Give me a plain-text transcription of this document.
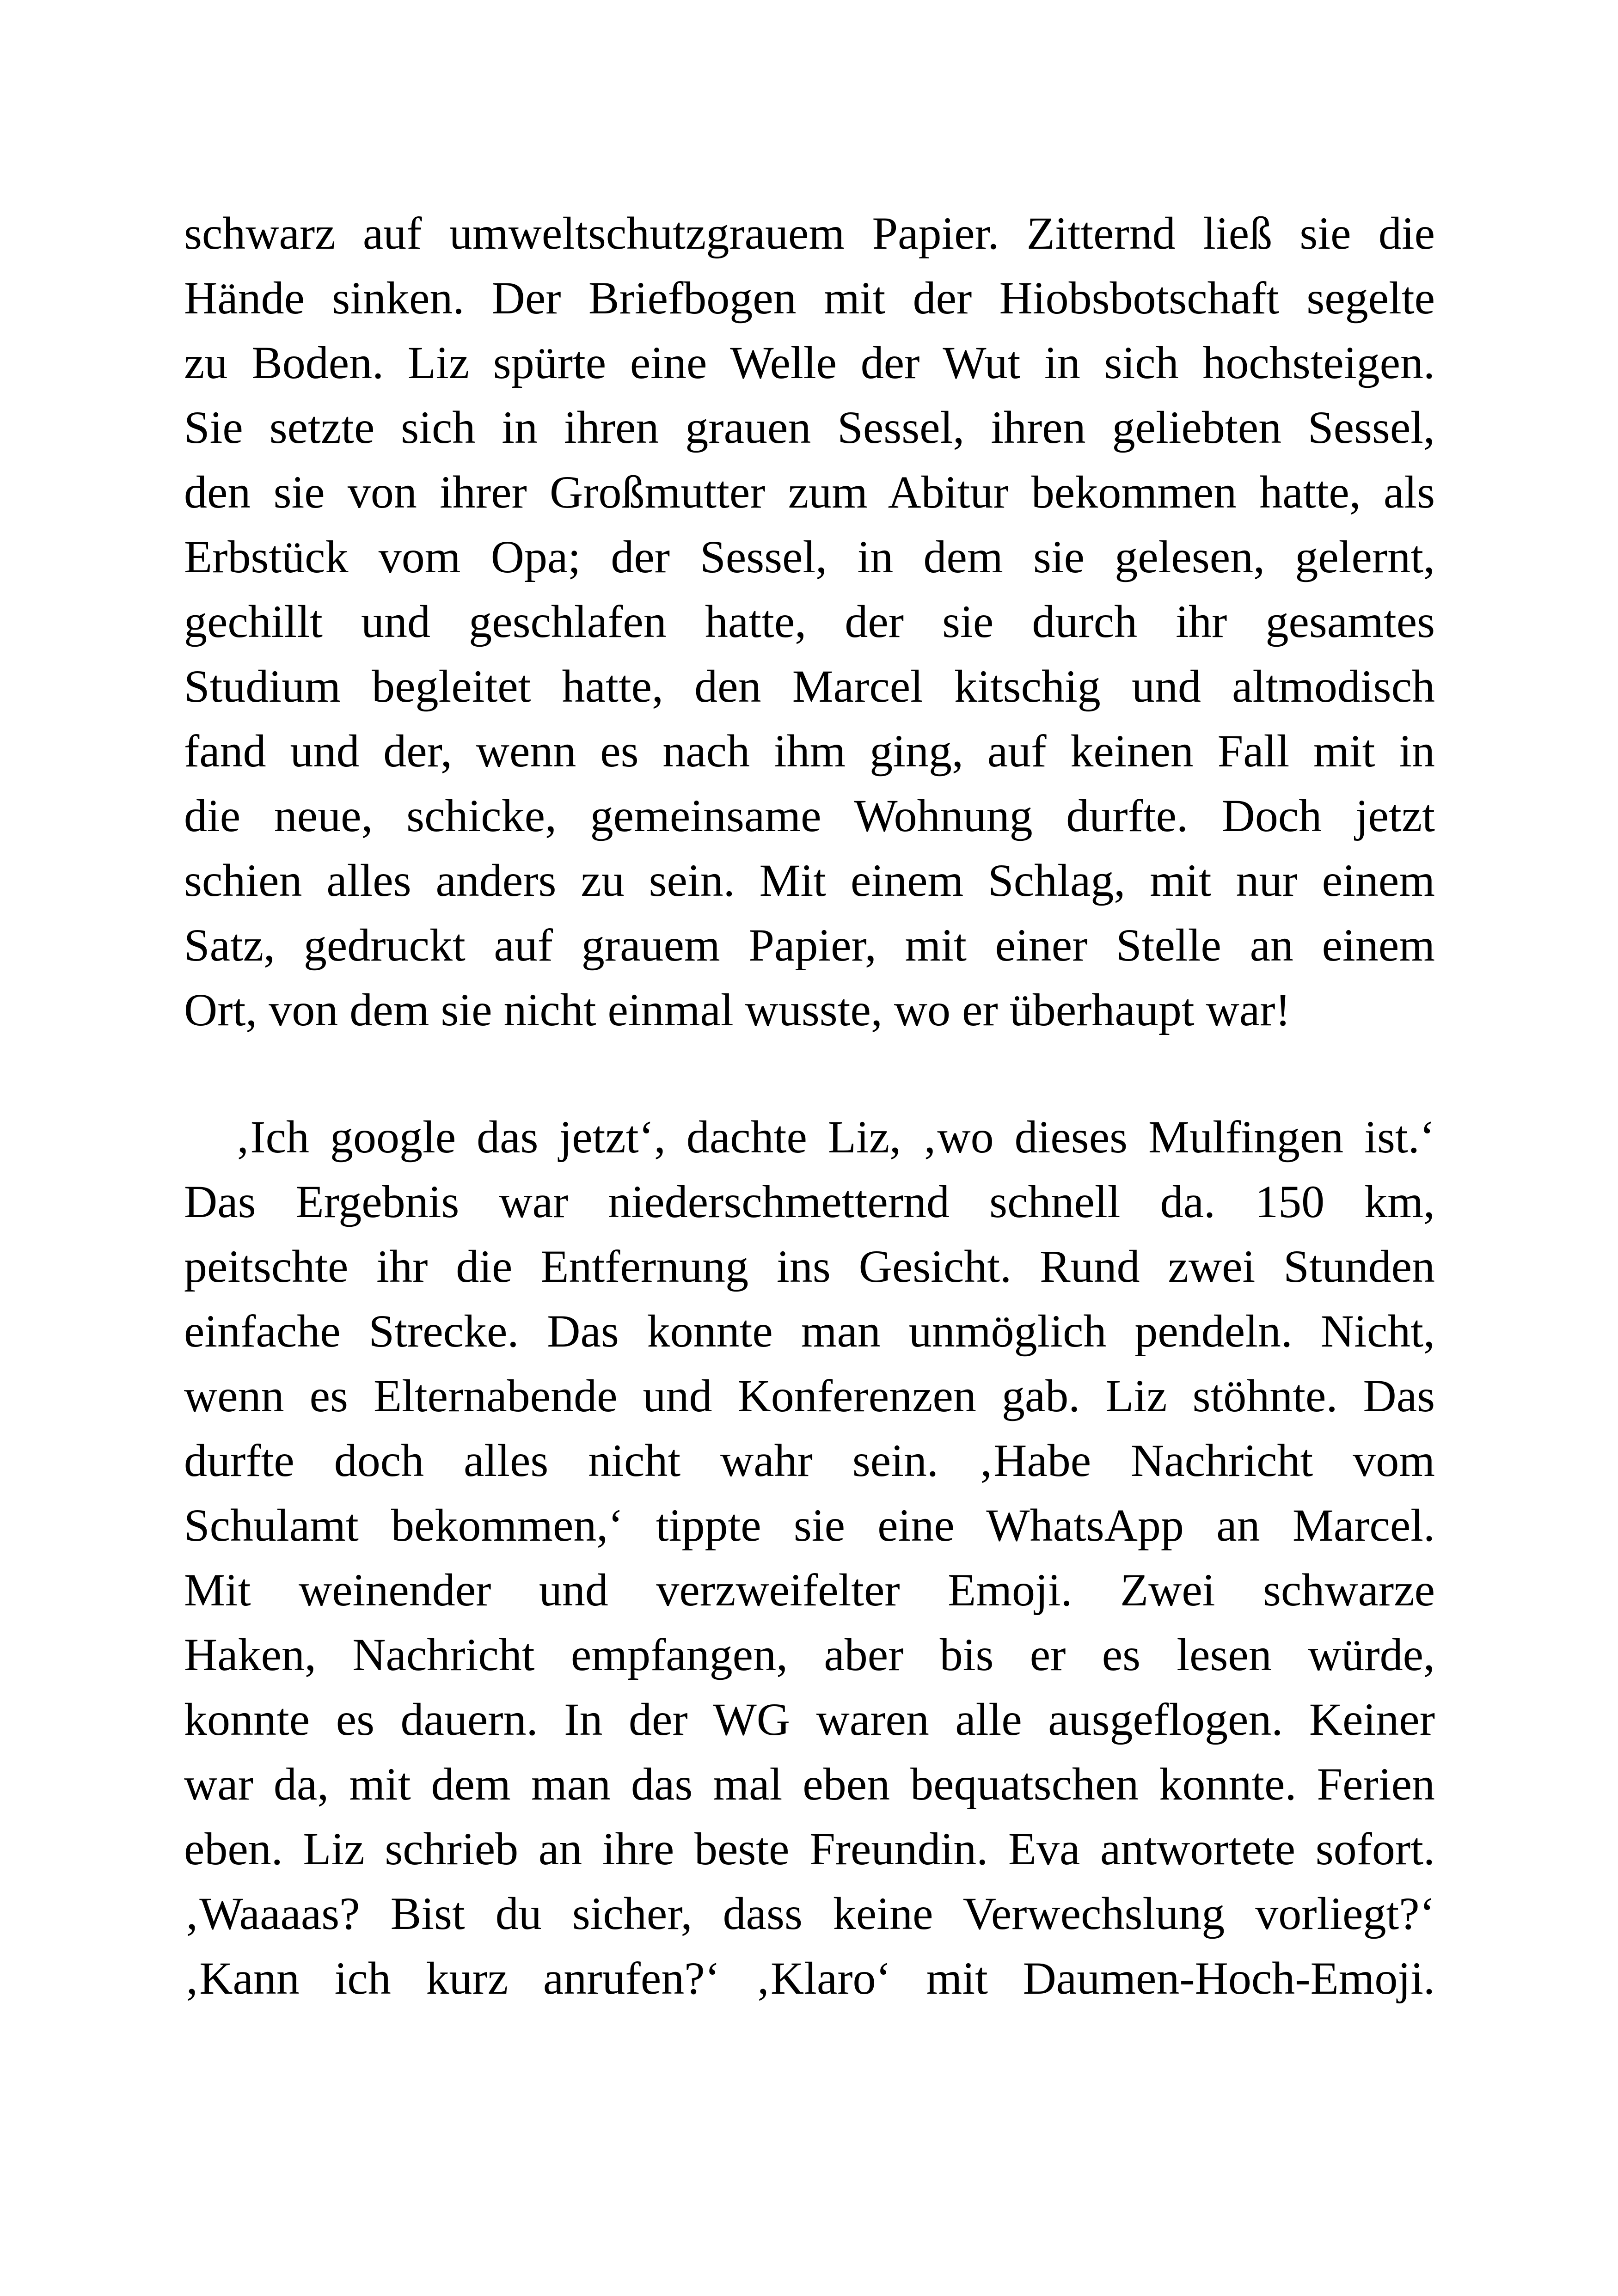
schwarz auf umweltschutzgrauem Papier. Zitternd ließ sie die
Hände sinken. Der Briefbogen mit der Hiobsbotschaft segelte
zu Boden. Liz spürte eine Welle der Wut in sich hochsteigen.
Sie setzte sich in ihren grauen Sessel, ihren geliebten Sessel,
den sie von ihrer Großmutter zum Abitur bekommen hatte, als
Erbstück vom Opa; der Sessel, in dem sie gelesen, gelernt,
gechillt und geschlafen hatte, der sie durch ihr gesamtes
Studium begleitet hatte, den Marcel kitschig und altmodisch
fand und der, wenn es nach ihm ging, auf keinen Fall mit in
die neue, schicke, gemeinsame Wohnung durfte. Doch jetzt
schien alles anders zu sein. Mit einem Schlag, mit nur einem
Satz, gedruckt auf grauem Papier, mit einer Stelle an einem
Ort, von dem sie nicht einmal wusste, wo er überhaupt war!
‚Ich google das jetzt‘, dachte Liz, ‚wo dieses Mulfingen ist.‘
Das Ergebnis war niederschmetternd schnell da. 150 km,
peitschte ihr die Entfernung ins Gesicht. Rund zwei Stunden
einfache Strecke. Das konnte man unmöglich pendeln. Nicht,
wenn es Elternabende und Konferenzen gab. Liz stöhnte. Das
durfte doch alles nicht wahr sein. ‚Habe Nachricht vom
Schulamt bekommen,‘ tippte sie eine WhatsApp an Marcel.
Mit weinender und verzweifelter Emoji. Zwei schwarze
Haken, Nachricht empfangen, aber bis er es lesen würde,
konnte es dauern. In der WG waren alle ausgeflogen. Keiner
war da, mit dem man das mal eben bequatschen konnte. Ferien
eben. Liz schrieb an ihre beste Freundin. Eva antwortete sofort.
‚Waaaas? Bist du sicher, dass keine Verwechslung vorliegt?‘
‚Kann ich kurz anrufen?‘ ‚Klaro‘ mit Daumen-Hoch-Emoji.
